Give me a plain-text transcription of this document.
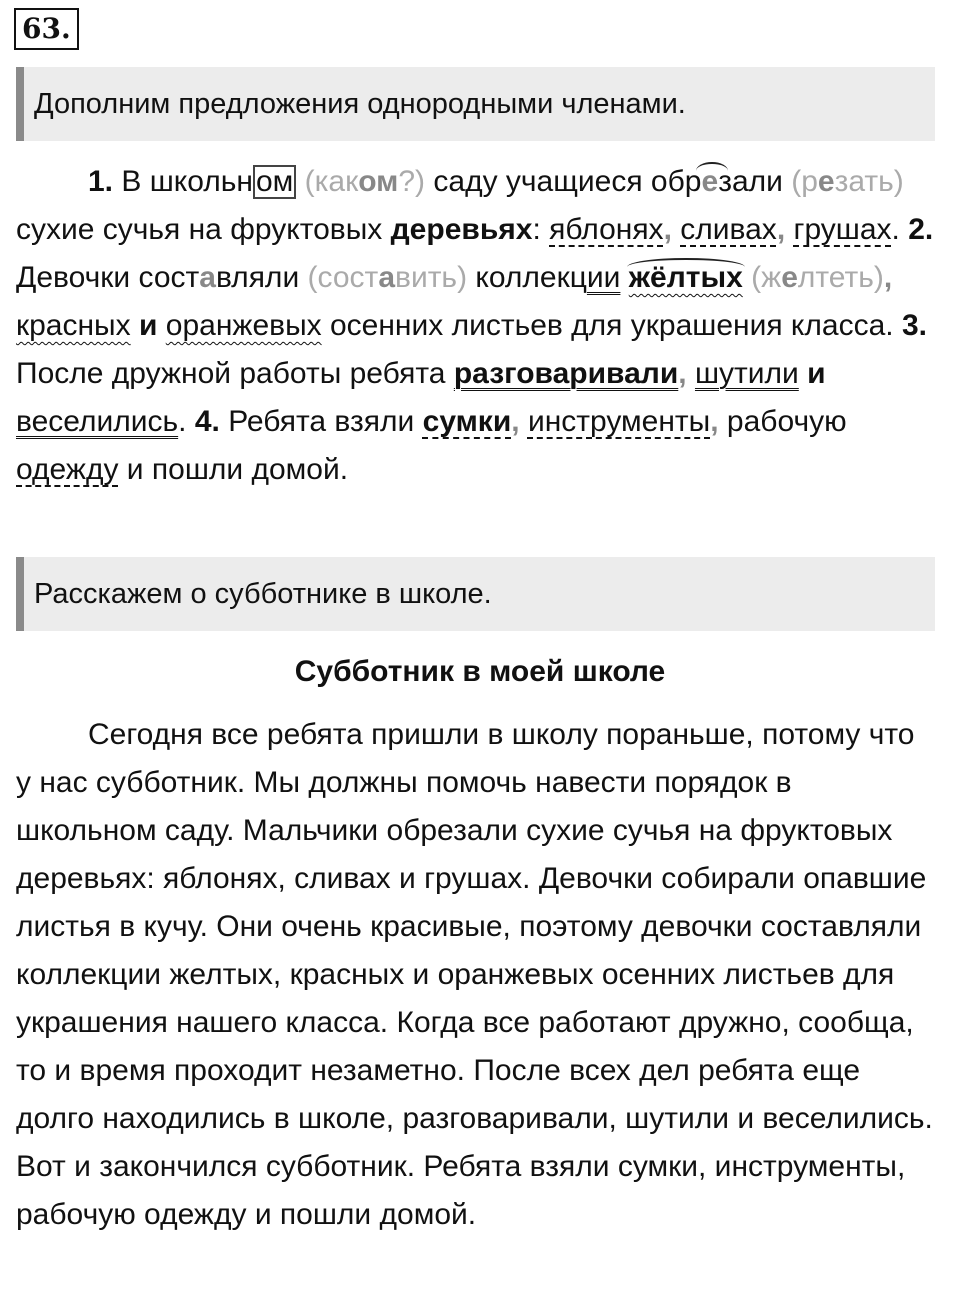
63.
Дополним предложения однородными членами.
1. В школьн ом (каком?) саду учащиеся обрезали (резать) сухие сучья на фруктовых деревьях: яблонях, сливах, грушах. 2. Девочки составляли (составить) коллекции жёлтых (желтеть), красных и оранжевых осенних листьев для украшения класса. 3. После дружной работы ребята разговаривали, шутили и веселились. 4. Ребята взяли сумки, инструменты, рабочую одежду и пошли домой.
Расскажем о субботнике в школе.
Субботник в моей школе
Сегодня все ребята пришли в школу пораньше, потому что у нас субботник. Мы должны помочь навести порядок в школьном саду. Мальчики обрезали сухие сучья на фруктовых деревьях: яблонях, сливах и грушах. Девочки собирали опавшие листья в кучу. Они очень красивые, поэтому девочки составляли коллекции желтых, красных и оранжевых осенних листьев для украшения нашего класса. Когда все работают дружно, сообща, то и время проходит незаметно. После всех дел ребята еще долго находились в школе, разговаривали, шутили и веселились. Вот и закончился субботник. Ребята взяли сумки, инструменты, рабочую одежду и пошли домой.
